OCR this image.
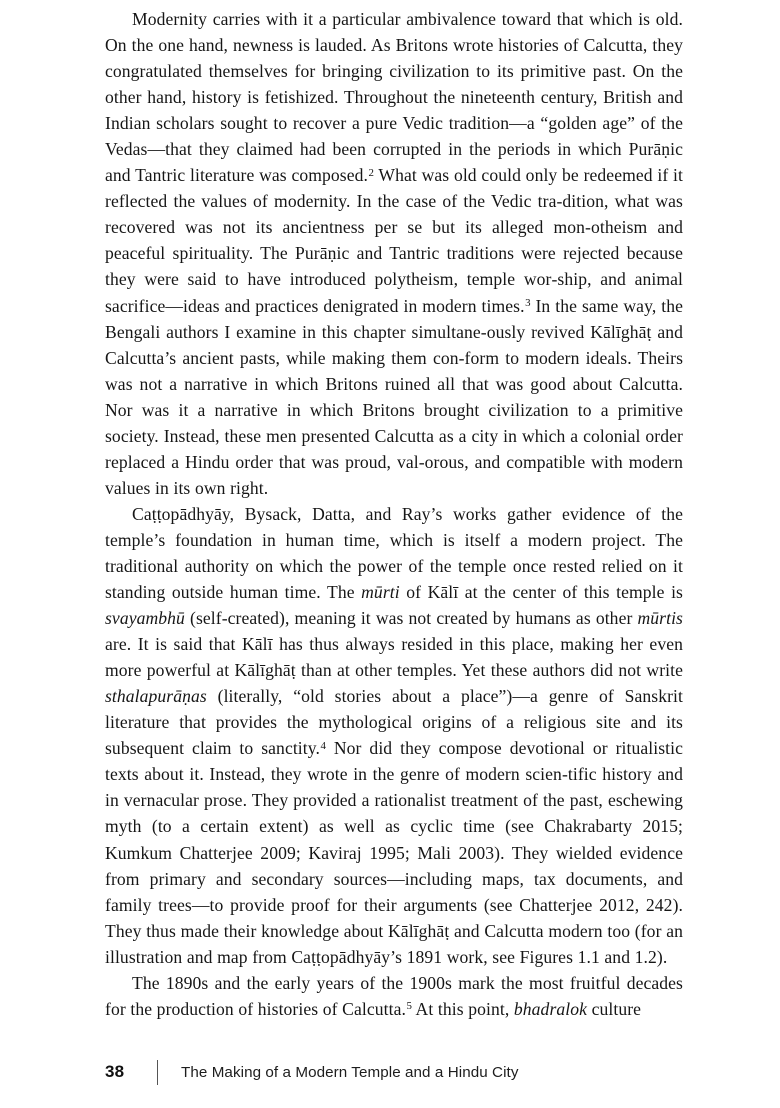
Modernity carries with it a particular ambivalence toward that which is old. On the one hand, newness is lauded. As Britons wrote histories of Calcutta, they congratulated themselves for bringing civilization to its primitive past. On the other hand, history is fetishized. Throughout the nineteenth century, British and Indian scholars sought to recover a pure Vedic tradition—a “golden age” of the Vedas—that they claimed had been corrupted in the periods in which Purāṇic and Tantric literature was composed.$^2$ What was old could only be redeemed if it reflected the values of modernity. In the case of the Vedic tra‐dition, what was recovered was not its ancientness per se but its alleged mon‐otheism and peaceful spirituality. The Purāṇic and Tantric traditions were rejected because they were said to have introduced polytheism, temple wor‐ship, and animal sacrifice—ideas and practices denigrated in modern times.$^3$ In the same way, the Bengali authors I examine in this chapter simultane‐ously revived Kālīghāṭ and Calcutta’s ancient pasts, while making them con‐form to modern ideals. Theirs was not a narrative in which Britons ruined all that was good about Calcutta. Nor was it a narrative in which Britons brought civilization to a primitive society. Instead, these men presented Calcutta as a city in which a colonial order replaced a Hindu order that was proud, val‐orous, and compatible with modern values in its own right.

Caṭṭopādhyāy, Bysack, Datta, and Ray’s works gather evidence of the temple’s foundation in human time, which is itself a modern project. The traditional authority on which the power of the temple once rested relied on it standing outside human time. The mūrti of Kālī at the center of this temple is svayambhū (self-created), meaning it was not created by humans as other mūrtis are. It is said that Kālī has thus always resided in this place, making her even more powerful at Kālīghāṭ than at other temples. Yet these authors did not write sthalapurāṇas (literally, “old stories about a place”)—a genre of Sanskrit literature that provides the mythological origins of a religious site and its subsequent claim to sanctity.$^4$ Nor did they compose devotional or ritualistic texts about it. Instead, they wrote in the genre of modern scien‐tific history and in vernacular prose. They provided a rationalist treatment of the past, eschewing myth (to a certain extent) as well as cyclic time (see Chakrabarty 2015; Kumkum Chatterjee 2009; Kaviraj 1995; Mali 2003). They wielded evidence from primary and secondary sources—including maps, tax documents, and family trees—to provide proof for their arguments (see Chatterjee 2012, 242). They thus made their knowledge about Kālīghāṭ and Calcutta modern too (for an illustration and map from Caṭṭopādhyāy’s 1891 work, see Figures 1.1 and 1.2).

The 1890s and the early years of the 1900s mark the most fruitful decades for the production of histories of Calcutta.$^5$ At this point, bhadralok culture

38	The Making of a Modern Temple and a Hindu City
